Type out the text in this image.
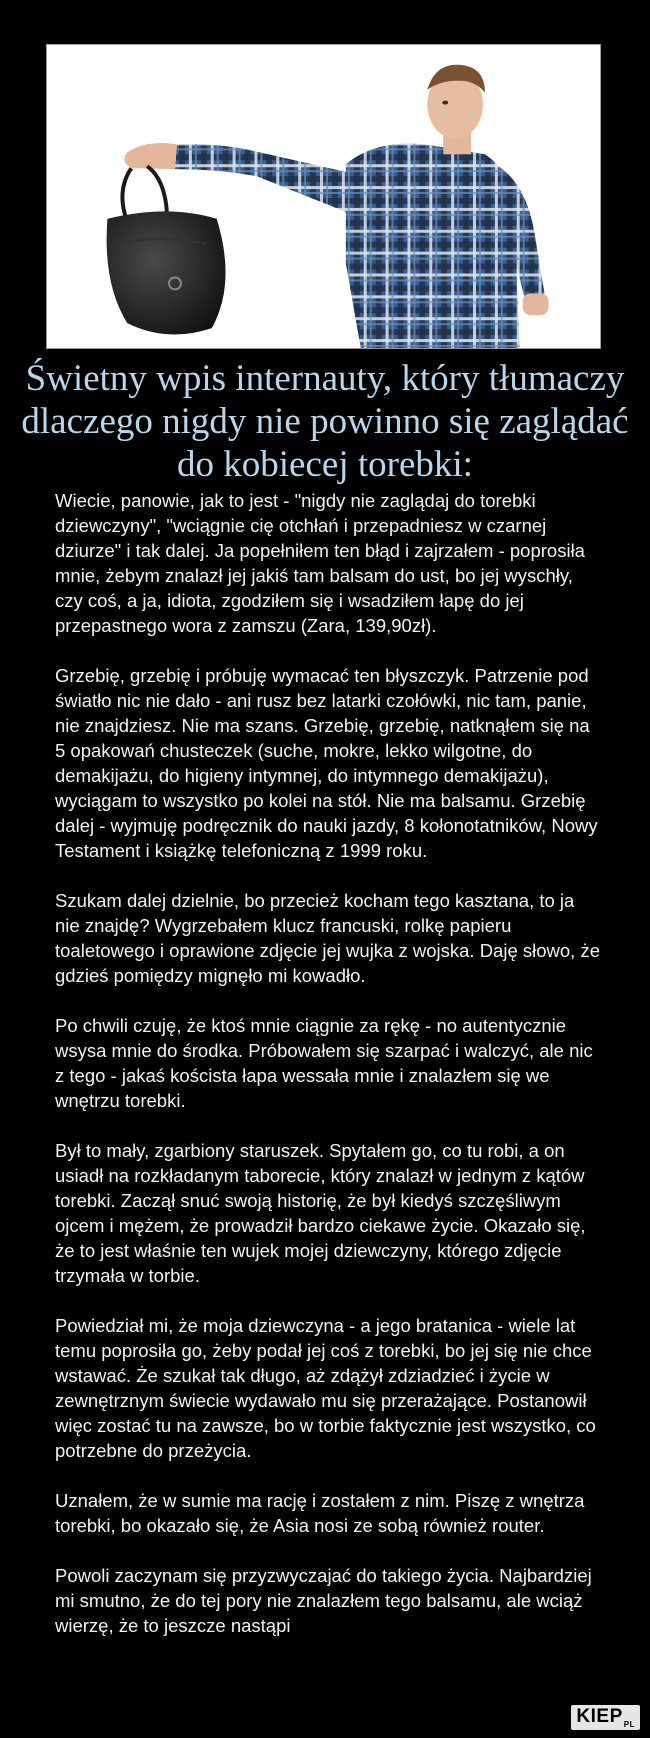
Świetny wpis internauty, który tłumaczy dlaczego nigdy nie powinno się zaglądać do kobiecej torebki:

Wiecie, panowie, jak to jest - "nigdy nie zaglądaj do torebki dziewczyny", "wciągnie cię otchłań i przepadniesz w czarnej dziurze" i tak dalej. Ja popełniłem ten błąd i zajrzałem - poprosiła mnie, żebym znalazł jej jakiś tam balsam do ust, bo jej wyschły, czy coś, a ja, idiota, zgodziłem się i wsadziłem łapę do jej przepastnego wora z zamszu (Zara, 139,90zł).

Grzebię, grzebię i próbuję wymacać ten błyszczyk. Patrzenie pod światło nic nie dało - ani rusz bez latarki czołówki, nic tam, panie, nie znajdziesz. Nie ma szans. Grzebię, grzebię, natknąłem się na 5 opakowań chusteczek (suche, mokre, lekko wilgotne, do demakijażu, do higieny intymnej, do intymnego demakijażu), wyciągam to wszystko po kolei na stół. Nie ma balsamu. Grzebię dalej - wyjmuję podręcznik do nauki jazdy, 8 kołonotatników, Nowy Testament i książkę telefoniczną z 1999 roku.

Szukam dalej dzielnie, bo przecież kocham tego kasztana, to ja nie znajdę? Wygrzebałem klucz francuski, rolkę papieru toaletowego i oprawione zdjęcie jej wujka z wojska. Daję słowo, że gdzieś pomiędzy mignęło mi kowadło.

Po chwili czuję, że ktoś mnie ciągnie za rękę - no autentycznie wsysa mnie do środka. Próbowałem się szarpać i walczyć, ale nic z tego - jakaś koścista łapa wessała mnie i znalazłem się we wnętrzu torebki.

Był to mały, zgarbiony staruszek. Spytałem go, co tu robi, a on usiadł na rozkładanym taborecie, który znalazł w jednym z kątów torebki. Zaczął snuć swoją historię, że był kiedyś szczęśliwym ojcem i mężem, że prowadził bardzo ciekawe życie. Okazało się, że to jest właśnie ten wujek mojej dziewczyny, którego zdjęcie trzymała w torbie.

Powiedział mi, że moja dziewczyna - a jego bratanica - wiele lat temu poprosiła go, żeby podał jej coś z torebki, bo jej się nie chce wstawać. Że szukał tak długo, aż zdążył zdziadzieć i życie w zewnętrznym świecie wydawało mu się przerażające. Postanowił więc zostać tu na zawsze, bo w torbie faktycznie jest wszystko, co potrzebne do przeżycia.

Uznałem, że w sumie ma rację i zostałem z nim. Piszę z wnętrza torebki, bo okazało się, że Asia nosi ze sobą również router.

Powoli zaczynam się przyzwyczajać do takiego życia. Najbardziej mi smutno, że do tej pory nie znalazłem tego balsamu, ale wciąż wierzę, że to jeszcze nastąpi

$KIEP_{PL}$
